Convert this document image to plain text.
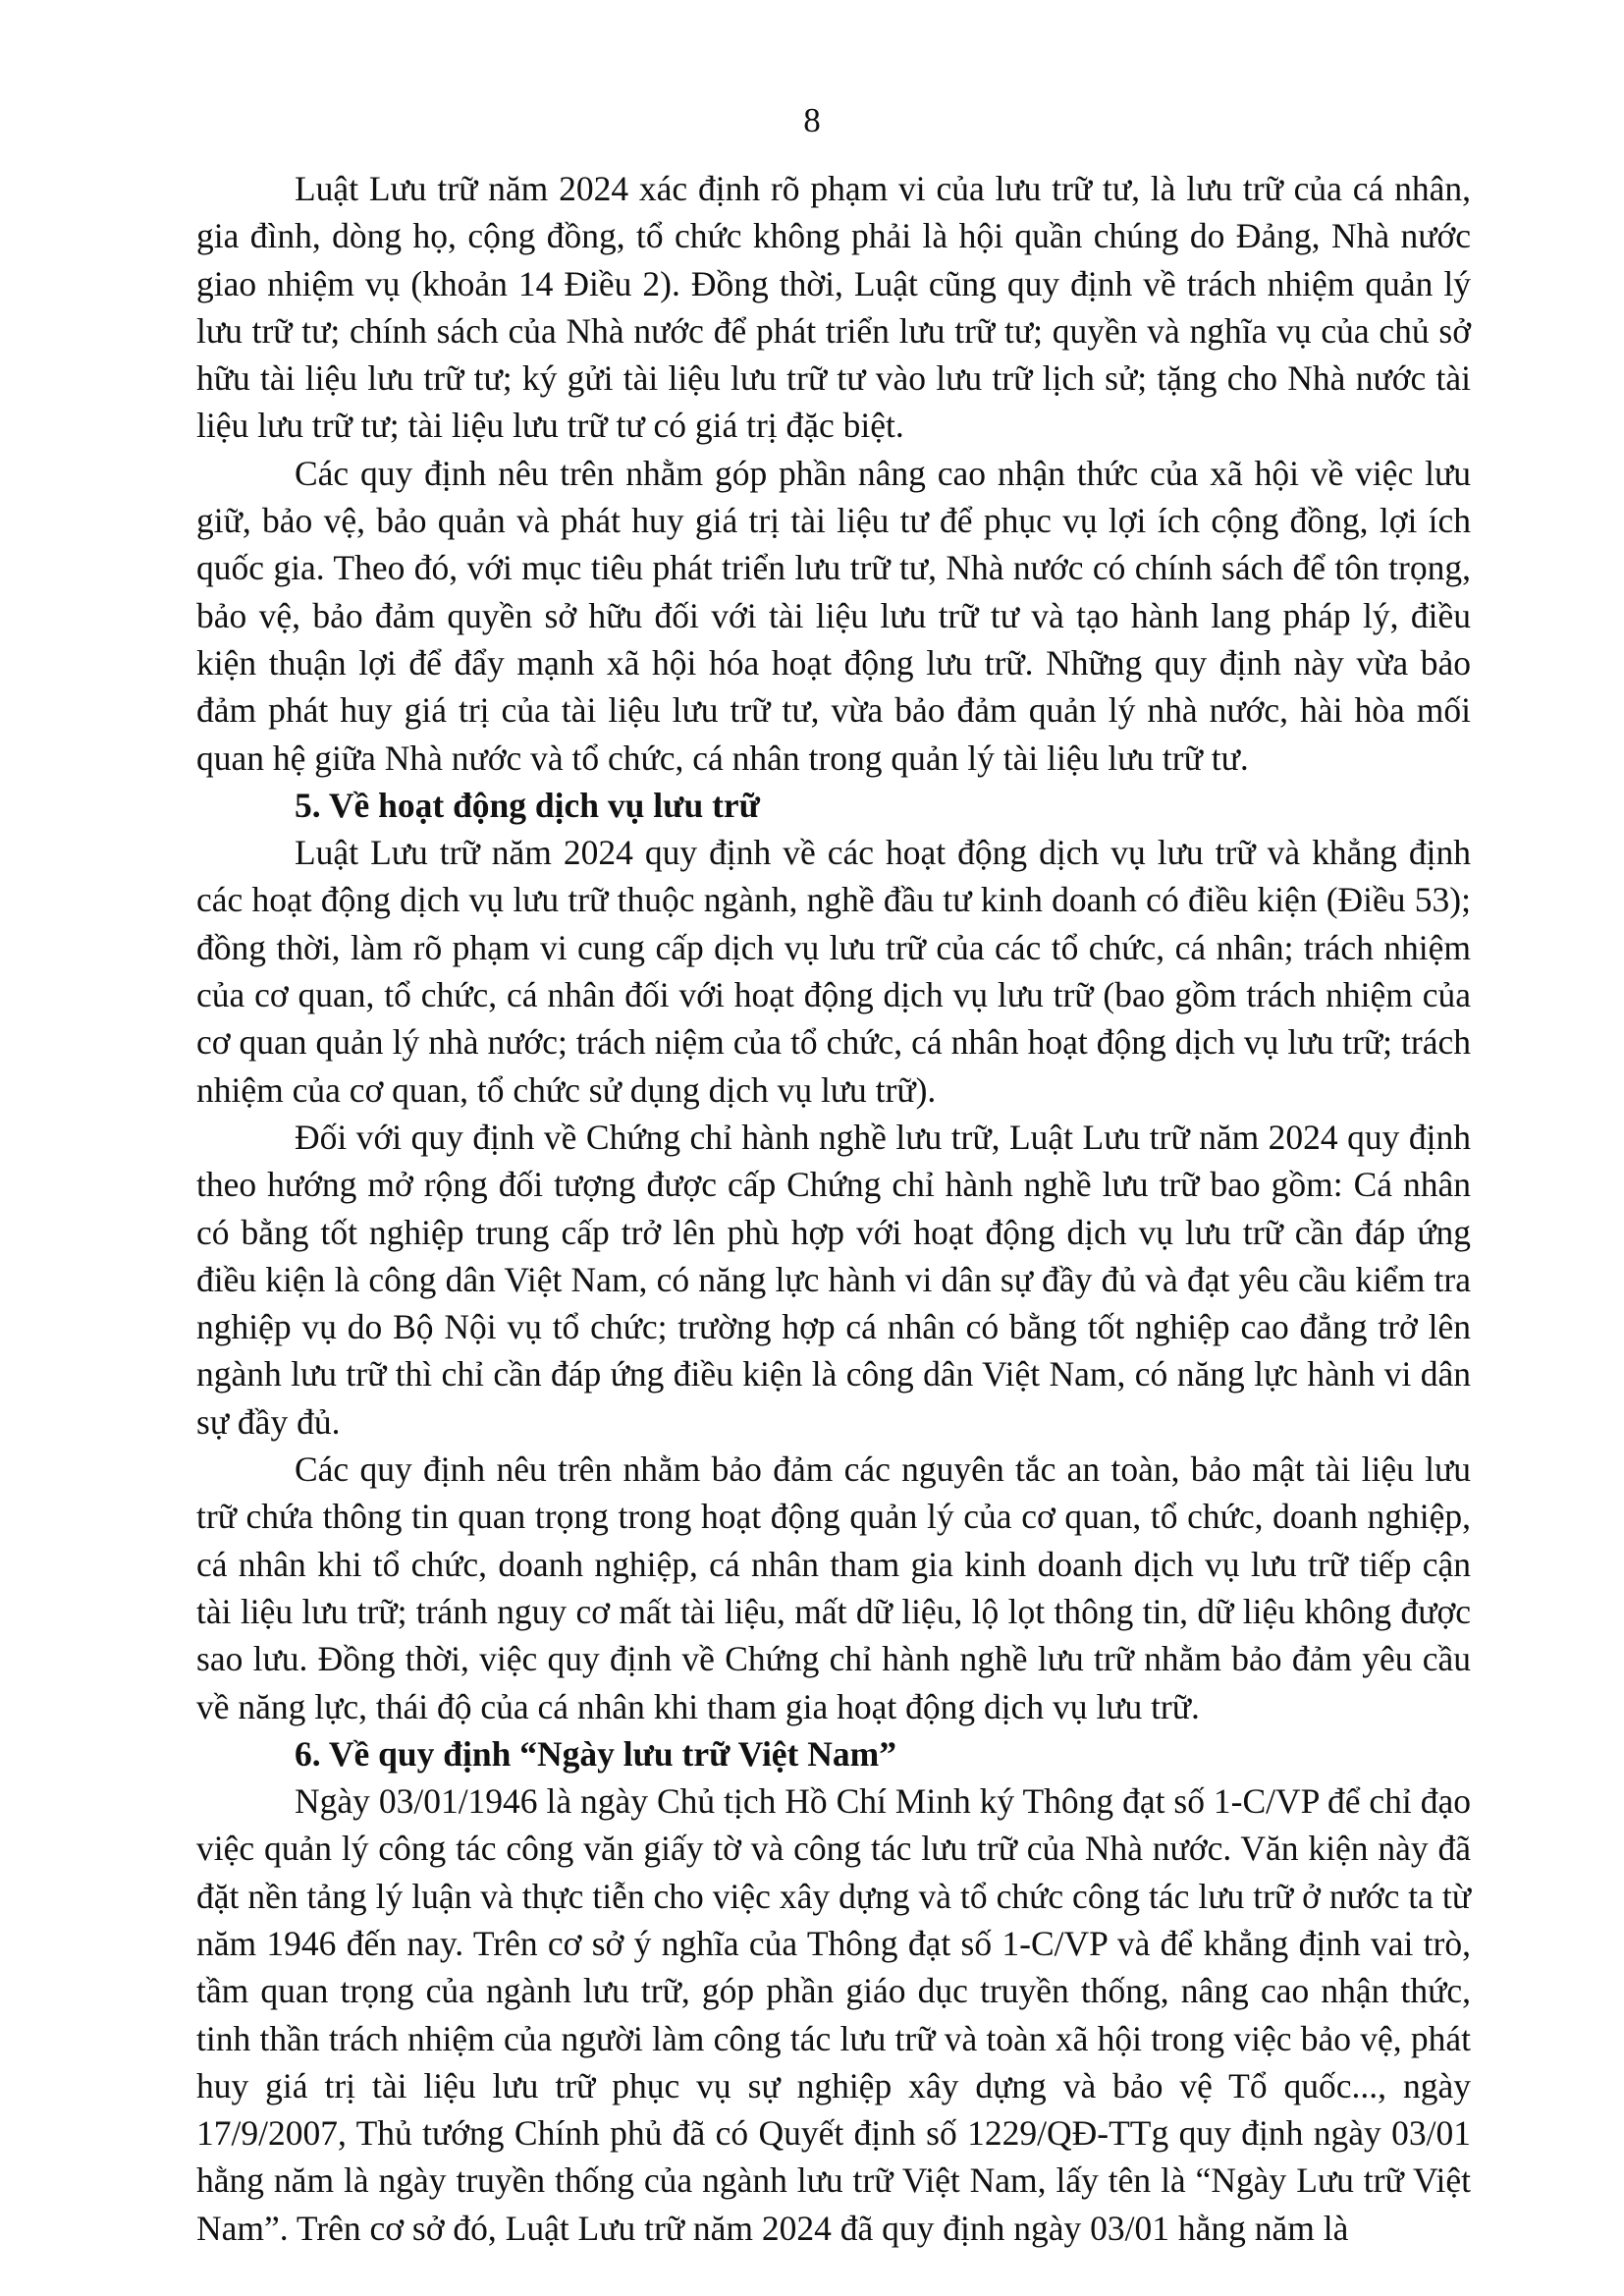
8

Luật Lưu trữ năm 2024 xác định rõ phạm vi của lưu trữ tư, là lưu trữ của cá nhân, gia đình, dòng họ, cộng đồng, tổ chức không phải là hội quần chúng do Đảng, Nhà nước giao nhiệm vụ (khoản 14 Điều 2). Đồng thời, Luật cũng quy định về trách nhiệm quản lý lưu trữ tư; chính sách của Nhà nước để phát triển lưu trữ tư; quyền và nghĩa vụ của chủ sở hữu tài liệu lưu trữ tư; ký gửi tài liệu lưu trữ tư vào lưu trữ lịch sử; tặng cho Nhà nước tài liệu lưu trữ tư; tài liệu lưu trữ tư có giá trị đặc biệt.

Các quy định nêu trên nhằm góp phần nâng cao nhận thức của xã hội về việc lưu giữ, bảo vệ, bảo quản và phát huy giá trị tài liệu tư để phục vụ lợi ích cộng đồng, lợi ích quốc gia. Theo đó, với mục tiêu phát triển lưu trữ tư, Nhà nước có chính sách để tôn trọng, bảo vệ, bảo đảm quyền sở hữu đối với tài liệu lưu trữ tư và tạo hành lang pháp lý, điều kiện thuận lợi để đẩy mạnh xã hội hóa hoạt động lưu trữ. Những quy định này vừa bảo đảm phát huy giá trị của tài liệu lưu trữ tư, vừa bảo đảm quản lý nhà nước, hài hòa mối quan hệ giữa Nhà nước và tổ chức, cá nhân trong quản lý tài liệu lưu trữ tư.

5. Về hoạt động dịch vụ lưu trữ

Luật Lưu trữ năm 2024 quy định về các hoạt động dịch vụ lưu trữ và khẳng định các hoạt động dịch vụ lưu trữ thuộc ngành, nghề đầu tư kinh doanh có điều kiện (Điều 53); đồng thời, làm rõ phạm vi cung cấp dịch vụ lưu trữ của các tổ chức, cá nhân; trách nhiệm của cơ quan, tổ chức, cá nhân đối với hoạt động dịch vụ lưu trữ (bao gồm trách nhiệm của cơ quan quản lý nhà nước; trách niệm của tổ chức, cá nhân hoạt động dịch vụ lưu trữ; trách nhiệm của cơ quan, tổ chức sử dụng dịch vụ lưu trữ).

Đối với quy định về Chứng chỉ hành nghề lưu trữ, Luật Lưu trữ năm 2024 quy định theo hướng mở rộng đối tượng được cấp Chứng chỉ hành nghề lưu trữ bao gồm: Cá nhân có bằng tốt nghiệp trung cấp trở lên phù hợp với hoạt động dịch vụ lưu trữ cần đáp ứng điều kiện là công dân Việt Nam, có năng lực hành vi dân sự đầy đủ và đạt yêu cầu kiểm tra nghiệp vụ do Bộ Nội vụ tổ chức; trường hợp cá nhân có bằng tốt nghiệp cao đẳng trở lên ngành lưu trữ thì chỉ cần đáp ứng điều kiện là công dân Việt Nam, có năng lực hành vi dân sự đầy đủ.

Các quy định nêu trên nhằm bảo đảm các nguyên tắc an toàn, bảo mật tài liệu lưu trữ chứa thông tin quan trọng trong hoạt động quản lý của cơ quan, tổ chức, doanh nghiệp, cá nhân khi tổ chức, doanh nghiệp, cá nhân tham gia kinh doanh dịch vụ lưu trữ tiếp cận tài liệu lưu trữ; tránh nguy cơ mất tài liệu, mất dữ liệu, lộ lọt thông tin, dữ liệu không được sao lưu. Đồng thời, việc quy định về Chứng chỉ hành nghề lưu trữ nhằm bảo đảm yêu cầu về năng lực, thái độ của cá nhân khi tham gia hoạt động dịch vụ lưu trữ.

6. Về quy định “Ngày lưu trữ Việt Nam”

Ngày 03/01/1946 là ngày Chủ tịch Hồ Chí Minh ký Thông đạt số 1-C/VP để chỉ đạo việc quản lý công tác công văn giấy tờ và công tác lưu trữ của Nhà nước. Văn kiện này đã đặt nền tảng lý luận và thực tiễn cho việc xây dựng và tổ chức công tác lưu trữ ở nước ta từ năm 1946 đến nay. Trên cơ sở ý nghĩa của Thông đạt số 1-C/VP và để khẳng định vai trò, tầm quan trọng của ngành lưu trữ, góp phần giáo dục truyền thống, nâng cao nhận thức, tinh thần trách nhiệm của người làm công tác lưu trữ và toàn xã hội trong việc bảo vệ, phát huy giá trị tài liệu lưu trữ phục vụ sự nghiệp xây dựng và bảo vệ Tổ quốc..., ngày 17/9/2007, Thủ tướng Chính phủ đã có Quyết định số 1229/QĐ-TTg quy định ngày 03/01 hằng năm là ngày truyền thống của ngành lưu trữ Việt Nam, lấy tên là “Ngày Lưu trữ Việt Nam”. Trên cơ sở đó, Luật Lưu trữ năm 2024 đã quy định ngày 03/01 hằng năm là
